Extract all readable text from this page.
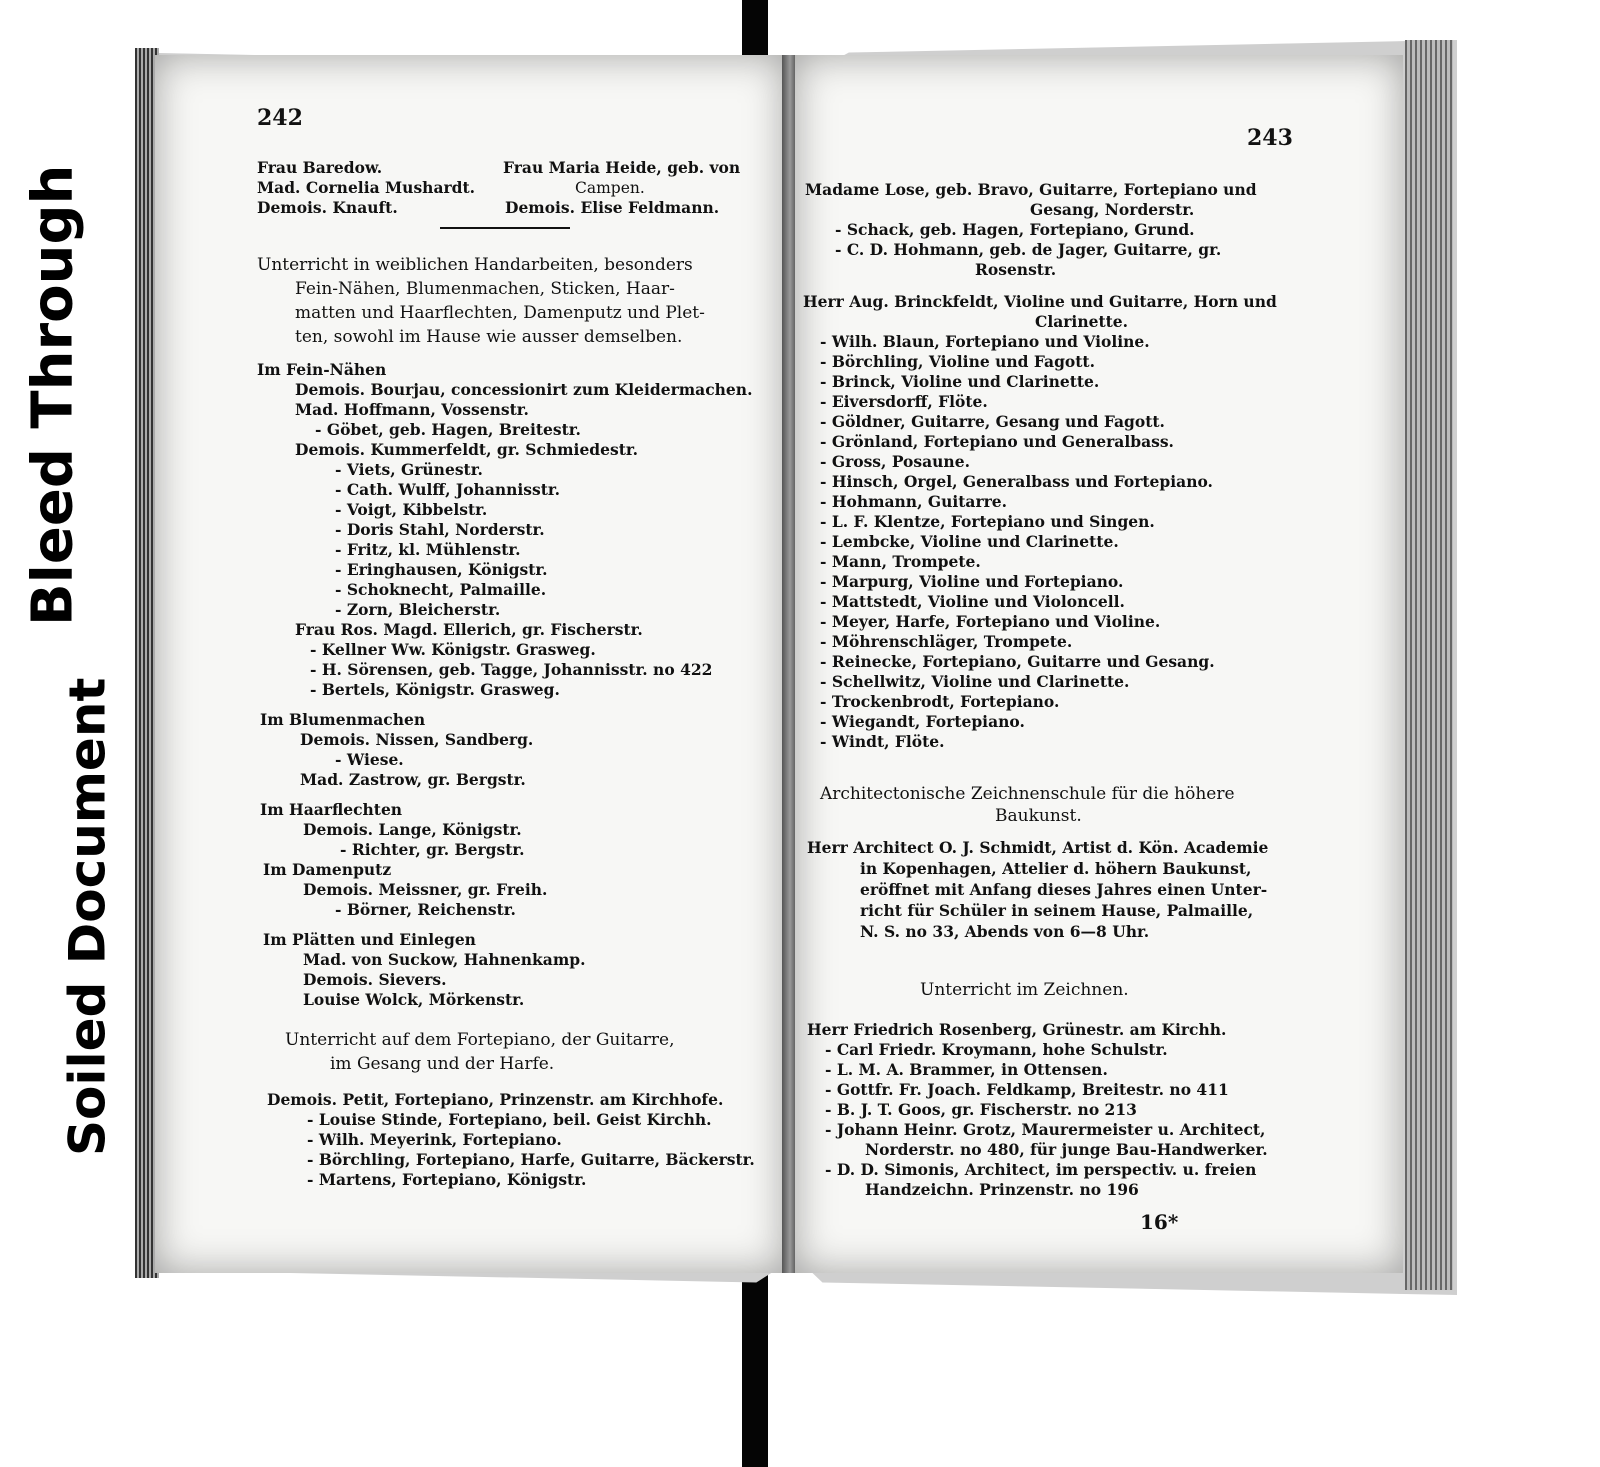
242
Frau Baredow.
Mad. Cornelia Mushardt.
Demois. Knauft.
Frau Maria Heide, geb. von
Campen.
Demois. Elise Feldmann.
Unterricht in weiblichen Handarbeiten, besonders
Fein-Nähen, Blumenmachen, Sticken, Haar-
matten und Haarflechten, Damenputz und Plet-
ten, sowohl im Hause wie ausser demselben.
Im Fein-Nähen
Demois. Bourjau, concessionirt zum Kleidermachen.
Mad. Hoffmann, Vossenstr.
- Göbet, geb. Hagen, Breitestr.
Demois. Kummerfeldt, gr. Schmiedestr.
- Viets, Grünestr.
- Cath. Wulff, Johannisstr.
- Voigt, Kibbelstr.
- Doris Stahl, Norderstr.
- Fritz, kl. Mühlenstr.
- Eringhausen, Königstr.
- Schoknecht, Palmaille.
- Zorn, Bleicherstr.
Frau Ros. Magd. Ellerich, gr. Fischerstr.
- Kellner Ww. Königstr. Grasweg.
- H. Sörensen, geb. Tagge, Johannisstr. no 422
- Bertels, Königstr. Grasweg.
Im Blumenmachen
Demois. Nissen, Sandberg.
- Wiese.
Mad. Zastrow, gr. Bergstr.
Im Haarflechten
Demois. Lange, Königstr.
- Richter, gr. Bergstr.
Im Damenputz
Demois. Meissner, gr. Freih.
- Börner, Reichenstr.
Im Plätten und Einlegen
Mad. von Suckow, Hahnenkamp.
Demois. Sievers.
Louise Wolck, Mörkenstr.
Unterricht auf dem Fortepiano, der Guitarre,
im Gesang und der Harfe.
Demois. Petit, Fortepiano, Prinzenstr. am Kirchhofe.
- Louise Stinde, Fortepiano, beil. Geist Kirchh.
- Wilh. Meyerink, Fortepiano.
- Börchling, Fortepiano, Harfe, Guitarre, Bäckerstr.
- Martens, Fortepiano, Königstr.
243
Madame Lose, geb. Bravo, Guitarre, Fortepiano und
Gesang, Norderstr.
- Schack, geb. Hagen, Fortepiano, Grund.
- C. D. Hohmann, geb. de Jager, Guitarre, gr.
Rosenstr.
Herr Aug. Brinckfeldt, Violine und Guitarre, Horn und
Clarinette.
- Wilh. Blaun, Fortepiano und Violine.
- Börchling, Violine und Fagott.
- Brinck, Violine und Clarinette.
- Eiversdorff, Flöte.
- Göldner, Guitarre, Gesang und Fagott.
- Grönland, Fortepiano und Generalbass.
- Gross, Posaune.
- Hinsch, Orgel, Generalbass und Fortepiano.
- Hohmann, Guitarre.
- L. F. Klentze, Fortepiano und Singen.
- Lembcke, Violine und Clarinette.
- Mann, Trompete.
- Marpurg, Violine und Fortepiano.
- Mattstedt, Violine und Violoncell.
- Meyer, Harfe, Fortepiano und Violine.
- Möhrenschläger, Trompete.
- Reinecke, Fortepiano, Guitarre und Gesang.
- Schellwitz, Violine und Clarinette.
- Trockenbrodt, Fortepiano.
- Wiegandt, Fortepiano.
- Windt, Flöte.
Architectonische Zeichnenschule für die höhere
Baukunst.
Herr Architect O. J. Schmidt, Artist d. Kön. Academie
in Kopenhagen, Attelier d. höhern Baukunst,
eröffnet mit Anfang dieses Jahres einen Unter-
richt für Schüler in seinem Hause, Palmaille,
N. S. no 33, Abends von 6—8 Uhr.
Unterricht im Zeichnen.
Herr Friedrich Rosenberg, Grünestr. am Kirchh.
- Carl Friedr. Kroymann, hohe Schulstr.
- L. M. A. Brammer, in Ottensen.
- Gottfr. Fr. Joach. Feldkamp, Breitestr. no 411
- B. J. T. Goos, gr. Fischerstr. no 213
- Johann Heinr. Grotz, Maurermeister u. Architect,
Norderstr. no 480, für junge Bau-Handwerker.
- D. D. Simonis, Architect, im perspectiv. u. freien
Handzeichn. Prinzenstr. no 196
16*
Bleed Through
Soiled Document
